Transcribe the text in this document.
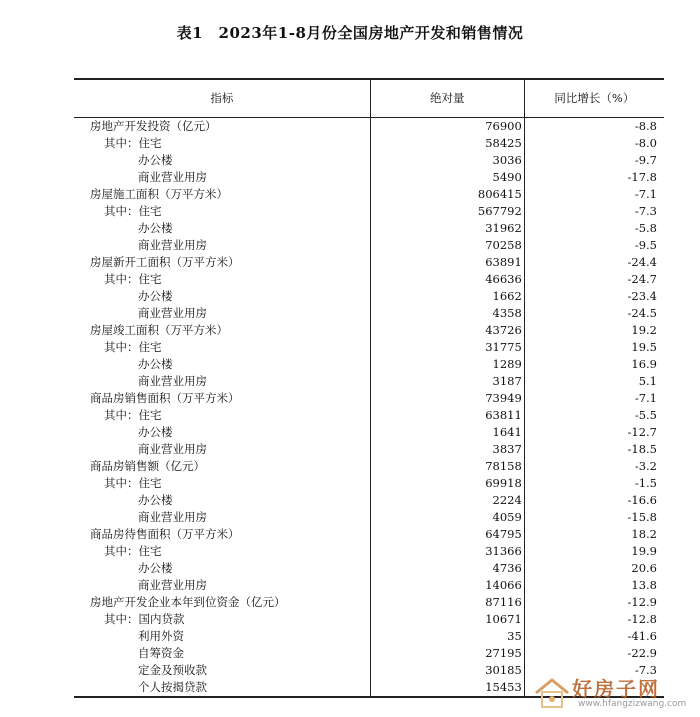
表1　2023年1-8月份全国房地产开发和销售情况
指标	绝对量	同比增长（%）
房地产开发投资（亿元）	76900	-8.8
其中：住宅	58425	-8.0
办公楼	3036	-9.7
商业营业用房	5490	-17.8
房屋施工面积（万平方米）	806415	-7.1
其中：住宅	567792	-7.3
办公楼	31962	-5.8
商业营业用房	70258	-9.5
房屋新开工面积（万平方米）	63891	-24.4
其中：住宅	46636	-24.7
办公楼	1662	-23.4
商业营业用房	4358	-24.5
房屋竣工面积（万平方米）	43726	19.2
其中：住宅	31775	19.5
办公楼	1289	16.9
商业营业用房	3187	5.1
商品房销售面积（万平方米）	73949	-7.1
其中：住宅	63811	-5.5
办公楼	1641	-12.7
商业营业用房	3837	-18.5
商品房销售额（亿元）	78158	-3.2
其中：住宅	69918	-1.5
办公楼	2224	-16.6
商业营业用房	4059	-15.8
商品房待售面积（万平方米）	64795	18.2
其中：住宅	31366	19.9
办公楼	4736	20.6
商业营业用房	14066	13.8
房地产开发企业本年到位资金（亿元）	87116	-12.9
其中：国内贷款	10671	-12.8
利用外资	35	-41.6
自筹资金	27195	-22.9
定金及预收款	30185	-7.3
个人按揭贷款	15453		好房子网
www.hfangzizwang.com
